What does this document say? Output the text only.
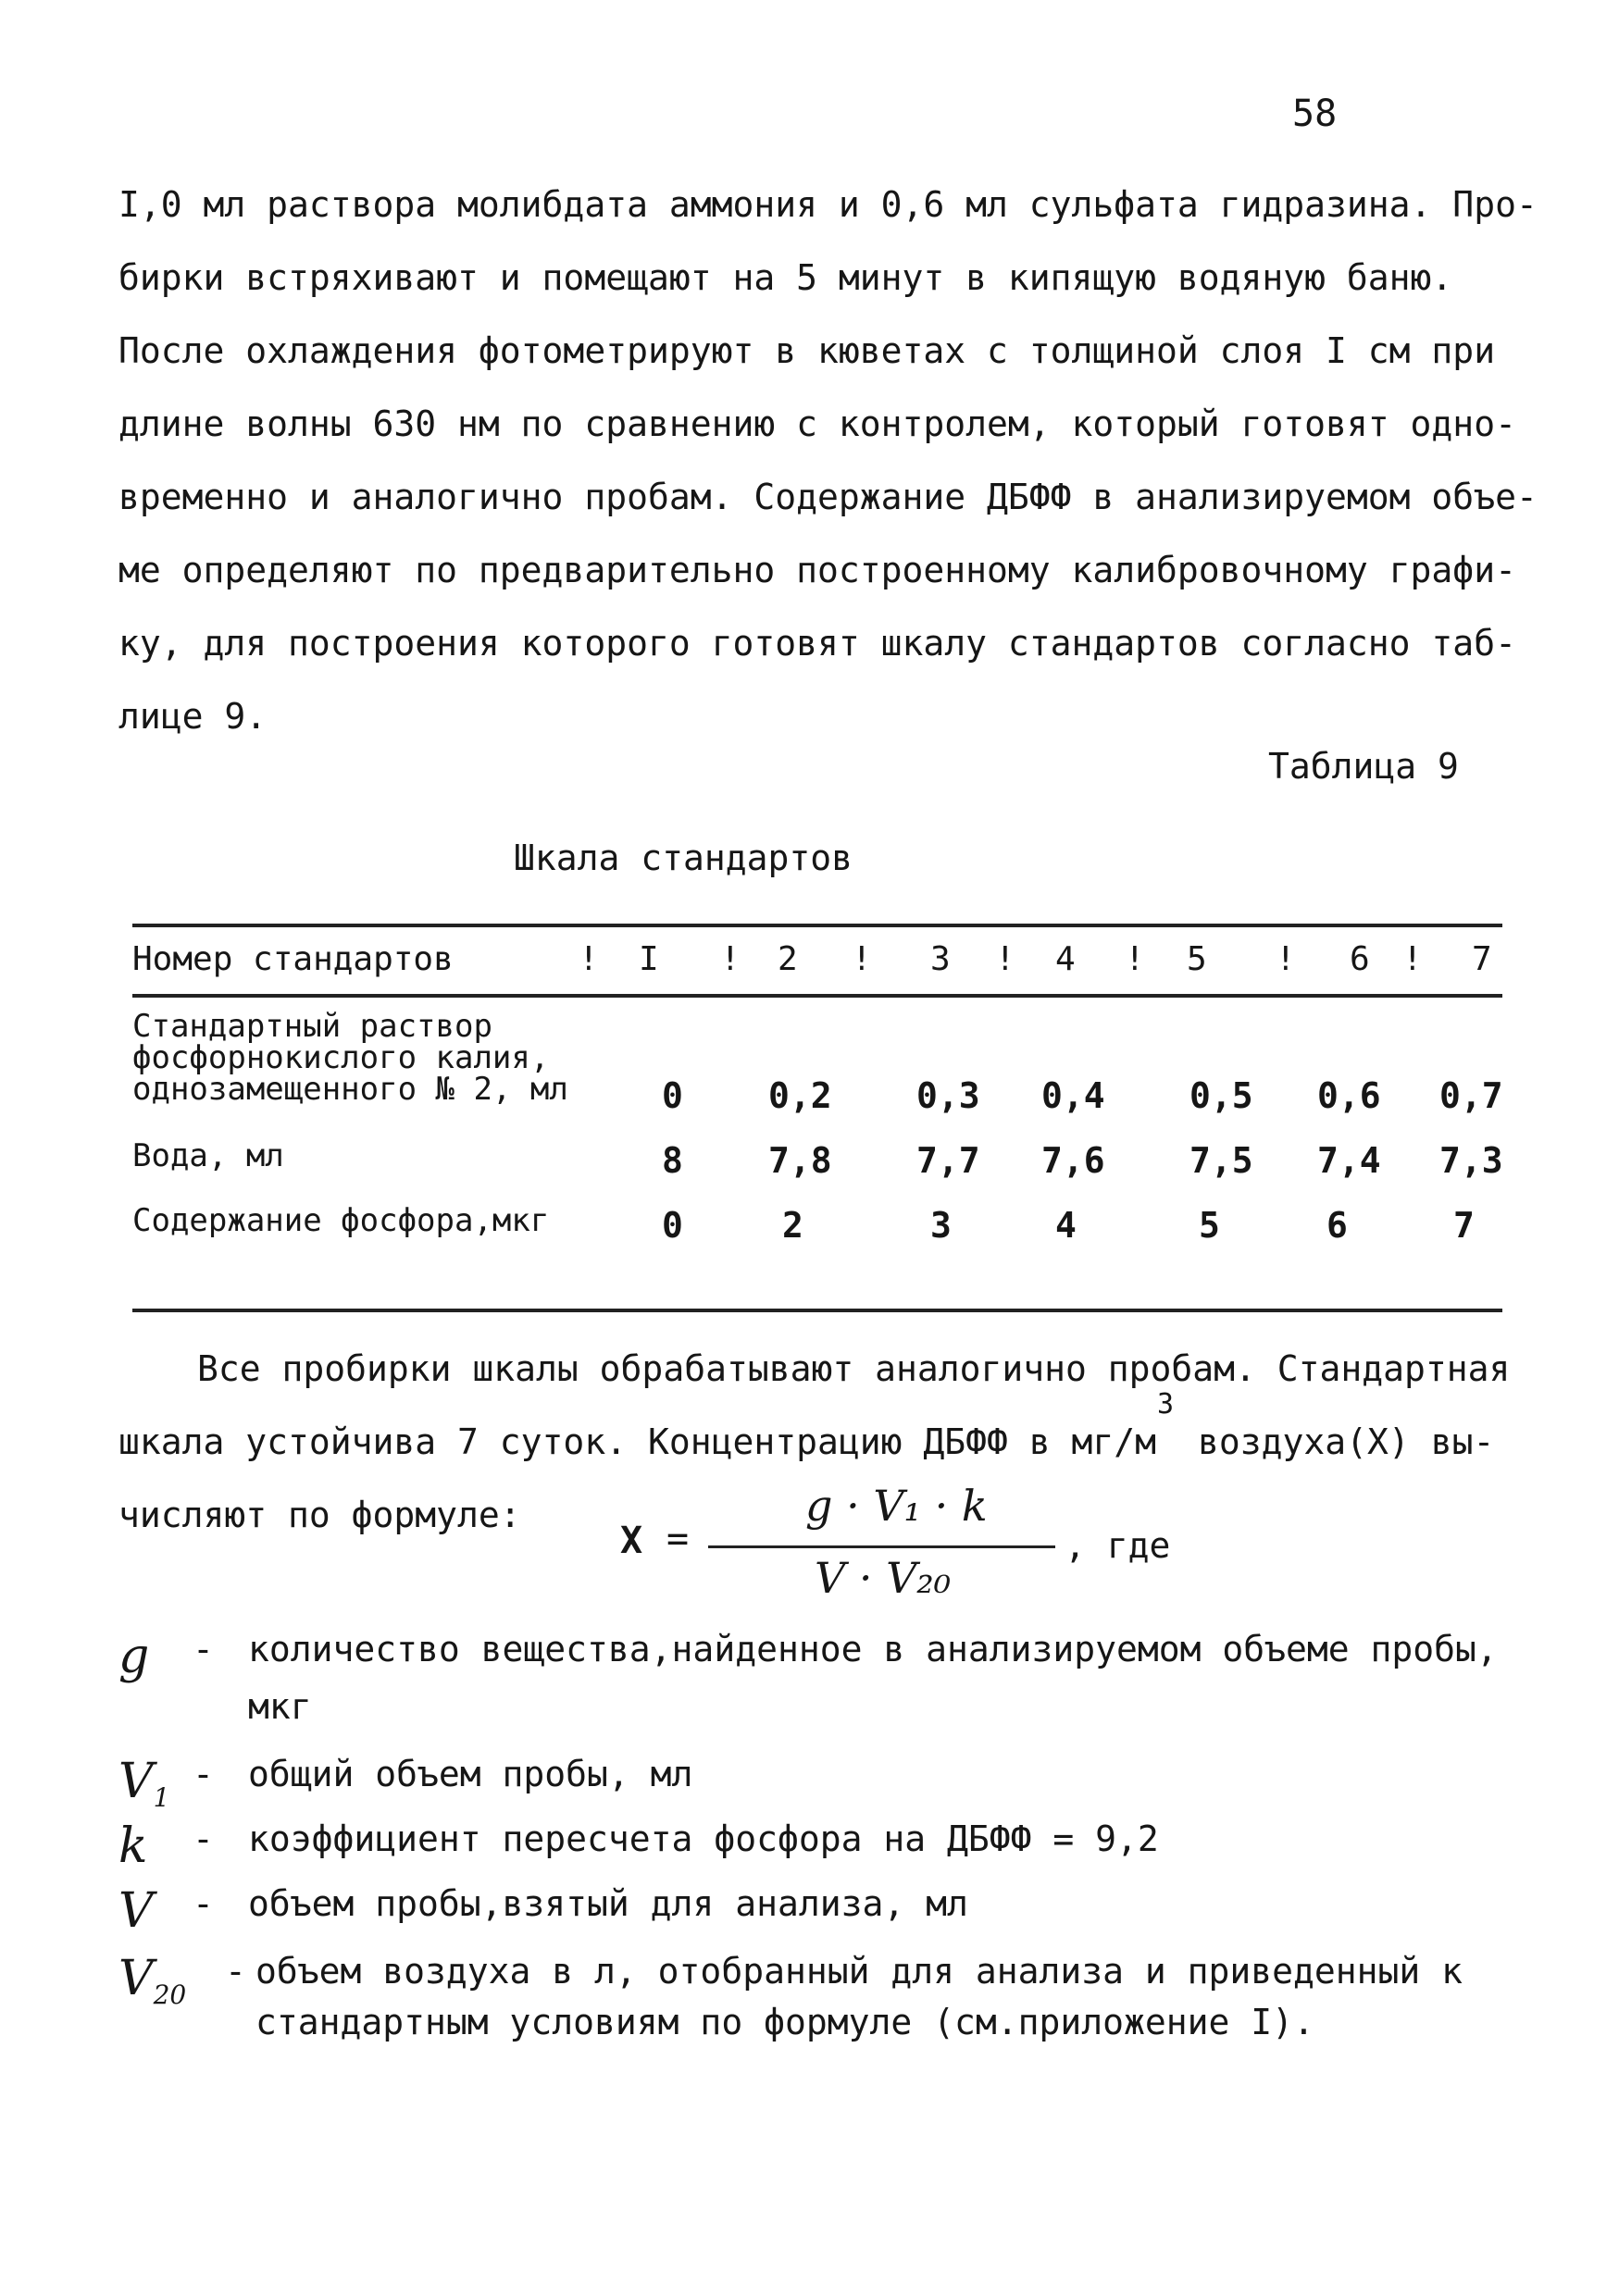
58
I,0 мл раствора молибдата аммония и 0,6 мл сульфата гидразина. Про-
бирки встряхивают и помещают на 5 минут в кипящую водяную баню.
После охлаждения фотометрируют в кюветах с толщиной слоя I см при
длине волны 630 нм по сравнению с контролем, который готовят одно-
временно и аналогично пробам. Содержание ДБФФ в анализируемом объе-
ме определяют по предварительно построенному калибровочному графи-
ку, для построения которого готовят шкалу стандартов согласно таб-
лице 9.
Таблица 9
Шкала стандартов
Номер стандартов	! I ! 2 ! 3 ! 4 ! 5 ! 6 ! 7
Стандартный раствор
фосфорнокислого калия,
однозамещенного № 2, мл	0 0,2 0,3 0,4 0,5 0,6 0,7
Вода, мл	8 7,8 7,7 7,6 7,5 7,4 7,3
Содержание фосфора,мкг	0	2	3	4	5	6	7
Все пробирки шкалы обрабатывают аналогично пробам. Стандартная
шкала устойчива 7 суток. Концентрацию ДБФФ в мг/м воздуха(X) вы-
числяют по формуле:
3
X =
g · V₁ · k
V · V₂₀
, где
g - количество вещества,найденное в анализируемом объеме пробы,
мкг
$V_1$
- общий объем пробы, мл
k - коэффициент пересчета фосфора на ДБФФ = 9,2
V - объем пробы,взятый для анализа, мл
$V_{20}$
- объем воздуха в л, отобранный для анализа и приведенный к
стандартным условиям по формуле (см.приложение I).
